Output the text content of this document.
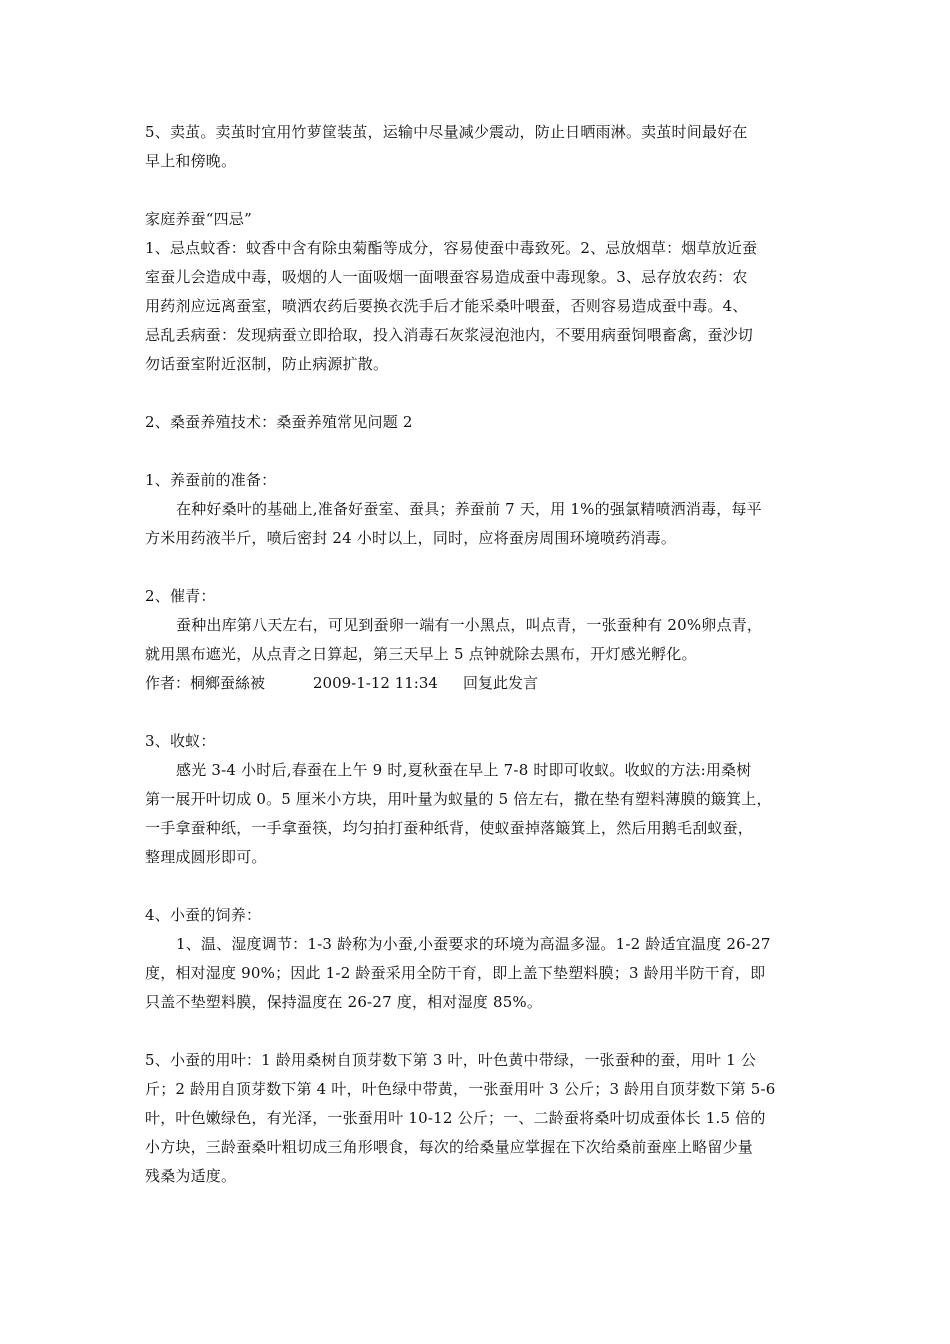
5、卖茧。卖茧时宜用竹萝筐装茧，运输中尽量减少震动，防止日晒雨淋。卖茧时间最好在
早上和傍晚。
家庭养蚕“四忌”
1、忌点蚊香：蚊香中含有除虫菊酯等成分，容易使蚕中毒致死。2、忌放烟草：烟草放近蚕
室蚕儿会造成中毒，吸烟的人一面吸烟一面喂蚕容易造成蚕中毒现象。3、忌存放农药：农
用药剂应远离蚕室，喷洒农药后要换衣洗手后才能采桑叶喂蚕，否则容易造成蚕中毒。4、
忌乱丢病蚕：发现病蚕立即拾取，投入消毒石灰浆浸泡池内，不要用病蚕饲喂畜禽，蚕沙切
勿话蚕室附近沤制，防止病源扩散。
2、桑蚕养殖技术：桑蚕养殖常见问题 2
1、养蚕前的准备：
在种好桑叶的基础上,准备好蚕室、蚕具；养蚕前 7 天，用 1%的强氯精喷洒消毒，每平
方米用药液半斤，喷后密封 24 小时以上，同时，应将蚕房周围环境喷药消毒。
2、催青：
蚕种出库第八天左右，可见到蚕卵一端有一小黑点，叫点青，一张蚕种有 20%卵点青，
就用黑布遮光，从点青之日算起，第三天早上 5 点钟就除去黑布，开灯感光孵化。
作者：桐鄉蚕絲被	2009-1-12 11:34	回复此发言
3、收蚁：
感光 3-4 小时后,春蚕在上午 9 时,夏秋蚕在早上 7-8 时即可收蚁。收蚁的方法:用桑树
第一展开叶切成 0。5 厘米小方块，用叶量为蚁量的 5 倍左右，撒在垫有塑料薄膜的簸箕上，
一手拿蚕种纸，一手拿蚕筷，均匀拍打蚕种纸背，使蚁蚕掉落簸箕上，然后用鹅毛刮蚁蚕，
整理成圆形即可。
4、小蚕的饲养：
1、温、湿度调节：1-3 龄称为小蚕,小蚕要求的环境为高温多湿。1-2 龄适宜温度 26-27
度，相对湿度 90%；因此 1-2 龄蚕采用全防干育，即上盖下垫塑料膜；3 龄用半防干育，即
只盖不垫塑料膜，保持温度在 26-27 度，相对湿度 85%。
5、小蚕的用叶：1 龄用桑树自顶芽数下第 3 叶，叶色黄中带绿，一张蚕种的蚕，用叶 1 公
斤；2 龄用自顶芽数下第 4 叶，叶色绿中带黄，一张蚕用叶 3 公斤；3 龄用自顶芽数下第 5-6
叶，叶色嫩绿色，有光泽，一张蚕用叶 10-12 公斤；一、二龄蚕将桑叶切成蚕体长 1.5 倍的
小方块，三龄蚕桑叶粗切成三角形喂食，每次的给桑量应掌握在下次给桑前蚕座上略留少量
残桑为适度。
